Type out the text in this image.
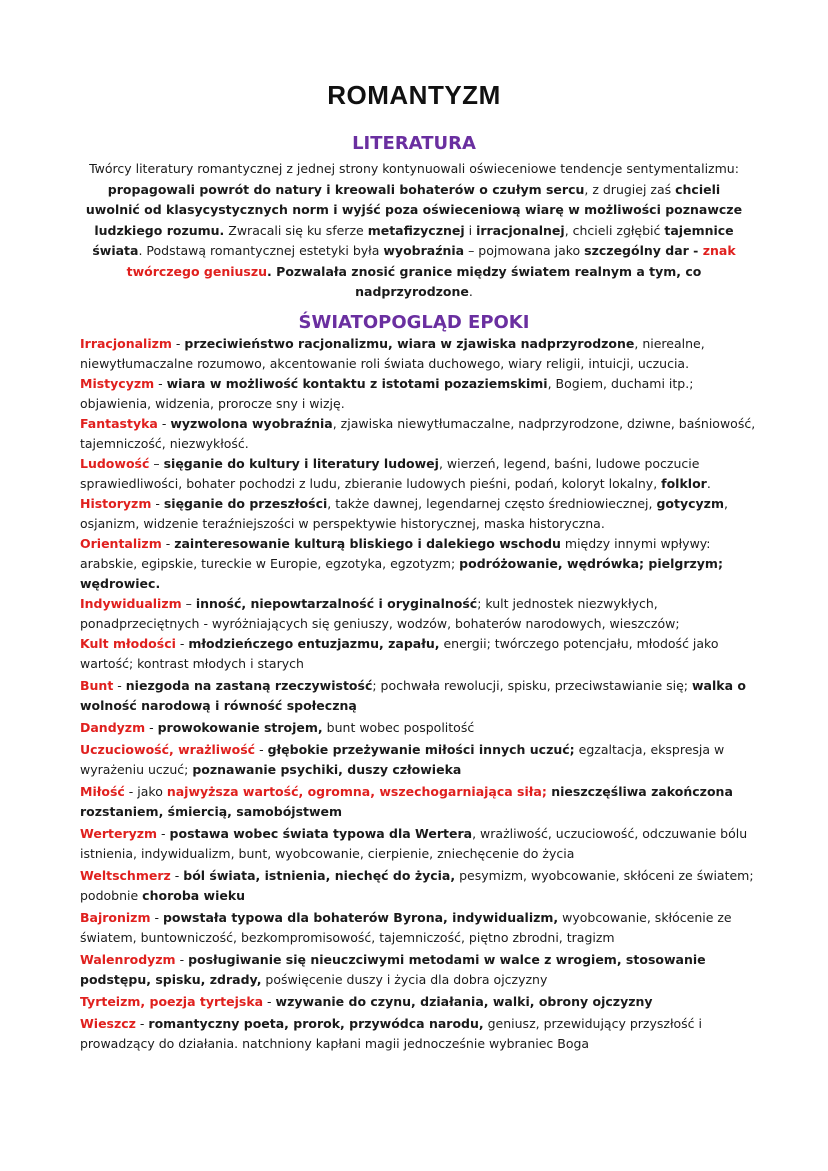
ROMANTYZM
LITERATURA
Twórcy literatury romantycznej z jednej strony kontynuowali oświeceniowe tendencje sentymentalizmu: propagowali powrót do natury i kreowali bohaterów o czułym sercu, z drugiej zaś chcieli uwolnić od klasycystycznych norm i wyjść poza oświeceniową wiarę w możliwości poznawcze ludzkiego rozumu. Zwracali się ku sferze metafizycznej i irracjonalnej, chcieli zgłębić tajemnice świata. Podstawą romantycznej estetyki była wyobraźnia – pojmowana jako szczególny dar - znak twórczego geniuszu. Pozwalała znosić granice między światem realnym a tym, co nadprzyrodzone.
ŚWIATOPOGLĄD EPOKI

Irracjonalizm - przeciwieństwo racjonalizmu, wiara w zjawiska nadprzyrodzone, nierealne, niewytłumaczalne rozumowo, akcentowanie roli świata duchowego, wiary religii, intuicji, uczucia.

Mistycyzm - wiara w możliwość kontaktu z istotami pozaziemskimi, Bogiem, duchami itp.; objawienia, widzenia, prorocze sny i wizję.

Fantastyka - wyzwolona wyobraźnia, zjawiska niewytłumaczalne, nadprzyrodzone, dziwne, baśniowość, tajemniczość, niezwykłość.

Ludowość – sięganie do kultury i literatury ludowej, wierzeń, legend, baśni, ludowe poczucie sprawiedliwości, bohater pochodzi z ludu, zbieranie ludowych pieśni, podań, koloryt lokalny, folklor.

Historyzm - sięganie do przeszłości, także dawnej, legendarnej często średniowiecznej, gotycyzm, osjanizm, widzenie teraźniejszości w perspektywie historycznej, maska historyczna.

Orientalizm - zainteresowanie kulturą bliskiego i dalekiego wschodu między innymi wpływy: arabskie, egipskie, tureckie w Europie, egzotyka, egzotyzm; podróżowanie, wędrówka; pielgrzym; wędrowiec.

Indywidualizm – inność, niepowtarzalność i oryginalność; kult jednostek niezwykłych, ponadprzeciętnych - wyróżniających się geniuszy, wodzów, bohaterów narodowych, wieszczów;

Kult młodości - młodzieńczego entuzjazmu, zapału, energii; twórczego potencjału, młodość jako wartość; kontrast młodych i starych

Bunt - niezgoda na zastaną rzeczywistość; pochwała rewolucji, spisku, przeciwstawianie się; walka o wolność narodową i równość społeczną

Dandyzm - prowokowanie strojem, bunt wobec pospolitość

Uczuciowość, wrażliwość - głębokie przeżywanie miłości innych uczuć; egzaltacja, ekspresja w wyrażeniu uczuć; poznawanie psychiki, duszy człowieka

Miłość - jako najwyższa wartość, ogromna, wszechogarniająca siła; nieszczęśliwa zakończona rozstaniem, śmiercią, samobójstwem

Werteryzm - postawa wobec świata typowa dla Wertera, wrażliwość, uczuciowość, odczuwanie bólu istnienia, indywidualizm, bunt, wyobcowanie, cierpienie, zniechęcenie do życia

Weltschmerz - ból świata, istnienia, niechęć do życia, pesymizm, wyobcowanie, skłóceni ze światem; podobnie choroba wieku

Bajronizm - powstała typowa dla bohaterów Byrona, indywidualizm, wyobcowanie, skłócenie ze światem, buntowniczość, bezkompromisowość, tajemniczość, piętno zbrodni, tragizm

Walenrodyzm - posługiwanie się nieuczciwymi metodami w walce z wrogiem, stosowanie podstępu, spisku, zdrady, poświęcenie duszy i życia dla dobra ojczyzny

Tyrteizm, poezja tyrtejska - wzywanie do czynu, działania, walki, obrony ojczyzny

Wieszcz - romantyczny poeta, prorok, przywódca narodu, geniusz, przewidujący przyszłość i prowadzący do działania. natchniony kapłani magii jednocześnie wybraniec Boga
